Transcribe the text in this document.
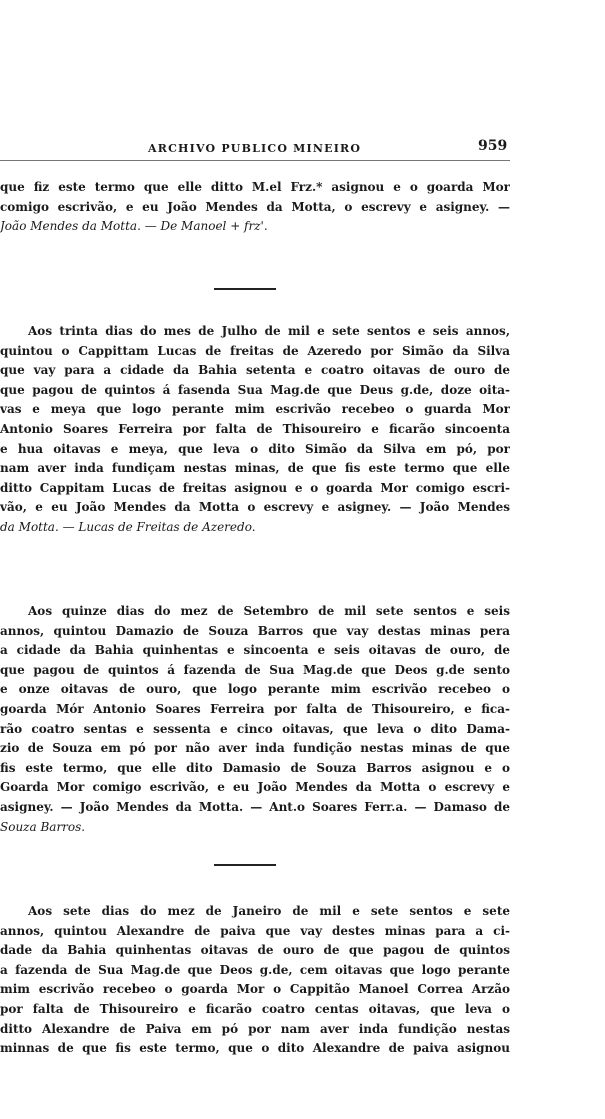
ARCHIVO PUBLICO MINEIRO	959
que fiz este termo que elle ditto M.el Frz.* asignou e o goarda Mor
comigo escrivão, e eu João Mendes da Motta, o escrevy e asigney. —
João Mendes da Motta. — De Manoel + frz'.
Aos trinta dias do mes de Julho de mil e sete sentos e seis annos,
quintou o Cappittam Lucas de freitas de Azeredo por Simão da Silva
que vay para a cidade da Bahia setenta e coatro oitavas de ouro de
que pagou de quintos á fasenda Sua Mag.de que Deus g.de, doze oita-
vas e meya que logo perante mim escrivão recebeo o guarda Mor
Antonio Soares Ferreira por falta de Thisoureiro e ficarão sincoenta
e hua oitavas e meya, que leva o dito Simão da Silva em pó, por
nam aver inda fundiçam nestas minas, de que fis este termo que elle
ditto Cappitam Lucas de freitas asignou e o goarda Mor comigo escri-
vão, e eu João Mendes da Motta o escrevy e asigney. — João Mendes
da Motta. — Lucas de Freitas de Azeredo.
Aos quinze dias do mez de Setembro de mil sete sentos e seis
annos, quintou Damazio de Souza Barros que vay destas minas pera
a cidade da Bahia quinhentas e sincoenta e seis oitavas de ouro, de
que pagou de quintos á fazenda de Sua Mag.de que Deos g.de sento
e onze oitavas de ouro, que logo perante mim escrivão recebeo o
goarda Mór Antonio Soares Ferreira por falta de Thisoureiro, e fica-
rão coatro sentas e sessenta e cinco oitavas, que leva o dito Dama-
zio de Souza em pó por não aver inda fundição nestas minas de que
fis este termo, que elle dito Damasio de Souza Barros asignou e o
Goarda Mor comigo escrivão, e eu João Mendes da Motta o escrevy e
asigney. — João Mendes da Motta. — Ant.o Soares Ferr.a. — Damaso de
Souza Barros.
Aos sete dias do mez de Janeiro de mil e sete sentos e sete
annos, quintou Alexandre de paiva que vay destes minas para a ci-
dade da Bahia quinhentas oitavas de ouro de que pagou de quintos
a fazenda de Sua Mag.de que Deos g.de, cem oitavas que logo perante
mim escrivão recebeo o goarda Mor o Cappitão Manoel Correa Arzão
por falta de Thisoureiro e ficarão coatro centas oitavas, que leva o
ditto Alexandre de Paiva em pó por nam aver inda fundição nestas
minnas de que fis este termo, que o dito Alexandre de paiva asignou
